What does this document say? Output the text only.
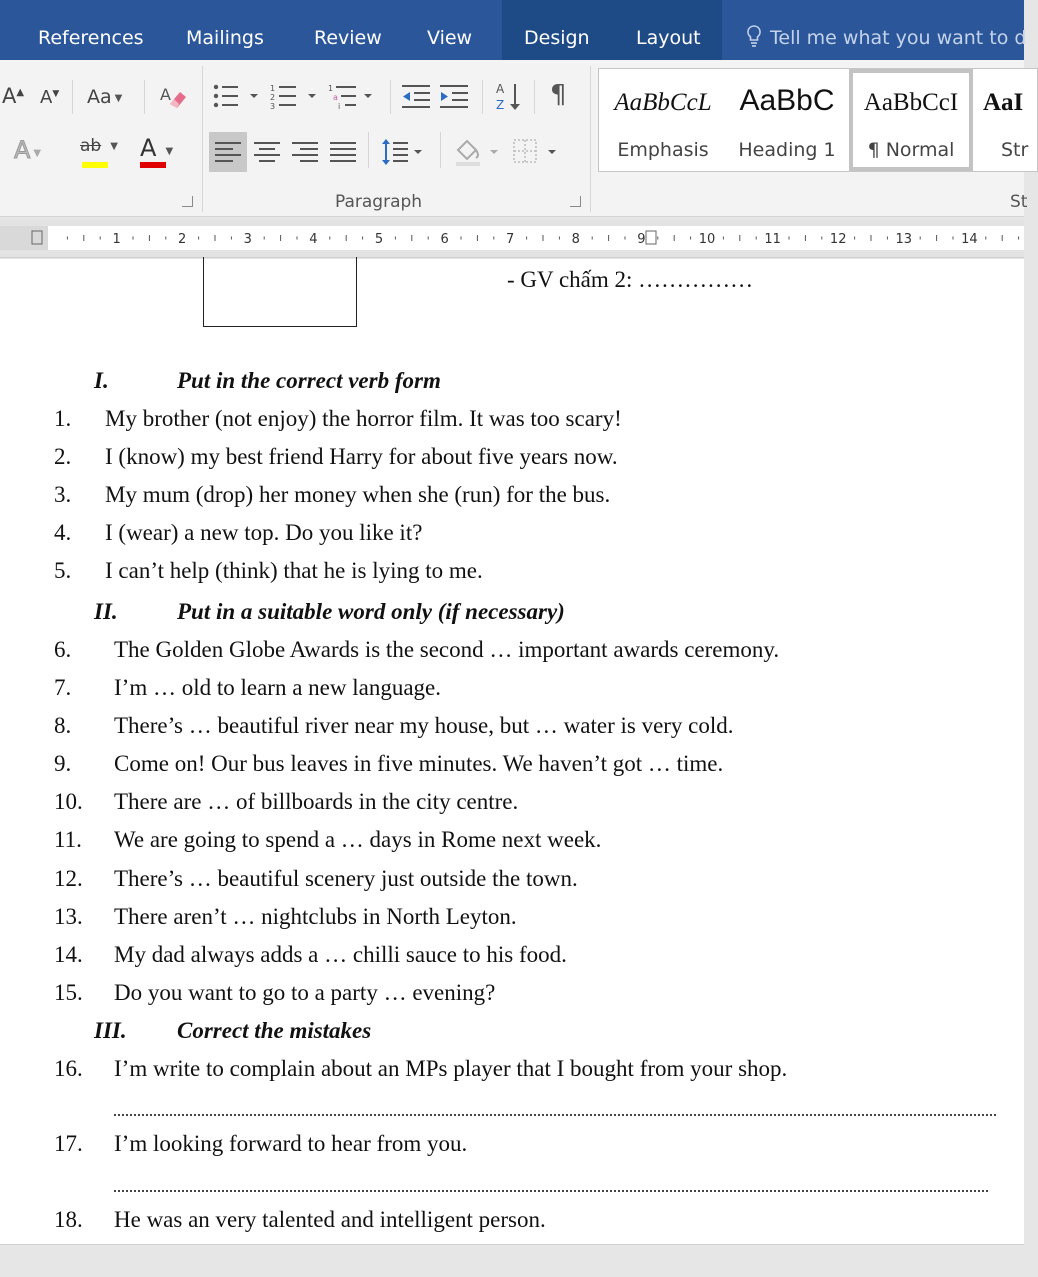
References Mailings	Review View	Design	Layout	Tell me what you want to d
A▲ A▼ Aa ▼ A
A ▼ ab ▼ A ▼
1
2
3
1
a
i
A
Z ¶
Paragraph
AaBbCcL
Emphasis
AaBbC
Heading 1
AaBbCcI
¶ Normal
AaI
Str
St
1	2	3	4	5	6	7	8	9	10	11	12	13	14
- GV chấm 2: ……………
I.	Put in the correct verb form
1. My brother (not enjoy) the horror film. It was too scary!
2. I (know) my best friend Harry for about five years now.
3. My mum (drop) her money when she (run) for the bus.
4. I (wear) a new top. Do you like it?
5. I can’t help (think) that he is lying to me.
II.	Put in a suitable word only (if necessary)
6. The Golden Globe Awards is the second … important awards ceremony.
7. I’m … old to learn a new language.
8. There’s … beautiful river near my house, but … water is very cold.
9. Come on! Our bus leaves in five minutes. We haven’t got … time.
10. There are … of billboards in the city centre.
11. We are going to spend a … days in Rome next week.
12. There’s … beautiful scenery just outside the town.
13. There aren’t … nightclubs in North Leyton.
14. My dad always adds a … chilli sauce to his food.
15. Do you want to go to a party … evening?
III. Correct the mistakes
16. I’m write to complain about an MPs player that I bought from your shop.
17. I’m looking forward to hear from you.
18. He was an very talented and intelligent person.
